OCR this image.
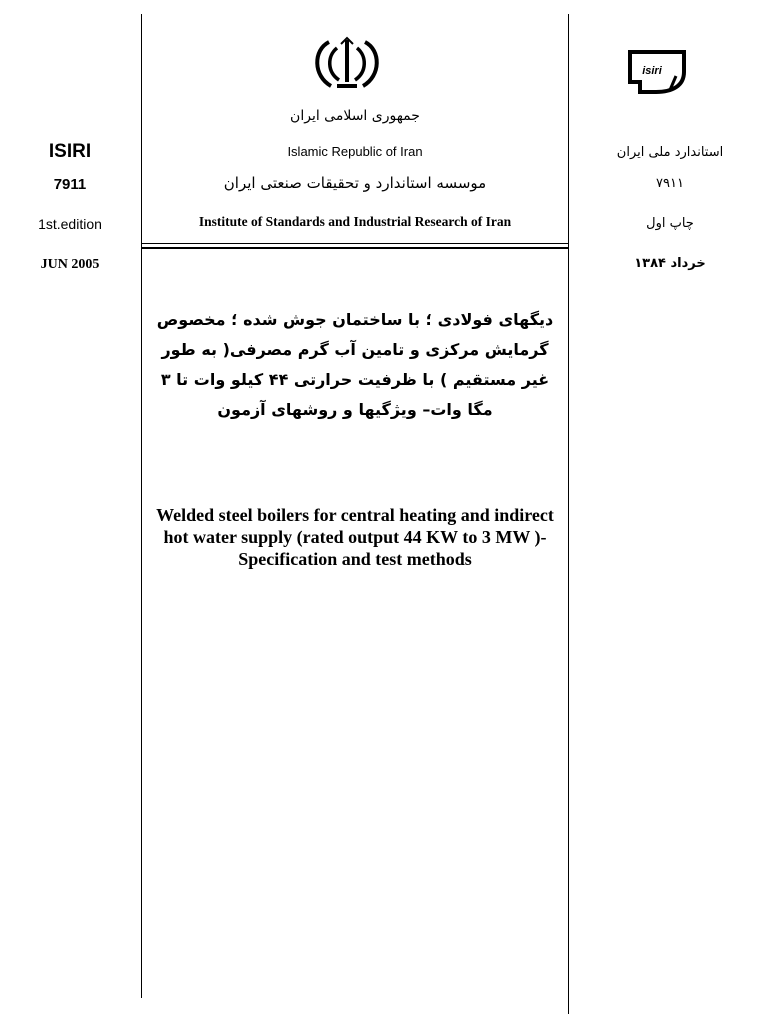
isiri
ISIRI
7911
1st.edition
JUN 2005
استاندارد ملی ایران
۷۹۱۱
چاپ اول
خرداد ۱۳۸۴
جمهوری اسلامی ایران
Islamic Republic of Iran
موسسه استاندارد و تحقیقات صنعتی ایران
Institute of Standards and Industrial Research of Iran
دیگهای فولادی ؛ با ساختمان جوش شده ؛ مخصوص گرمایش مرکزی و تامین آب گرم مصرفی( به طور غیر مستقیم ) با ظرفیت حرارتی ۴۴ کیلو وات تا ۳ مگا وات– ویژگیها و روشهای آزمون
Welded steel boilers for central heating and indirect hot water supply (rated output 44 KW to 3 MW )-Specification and test methods
